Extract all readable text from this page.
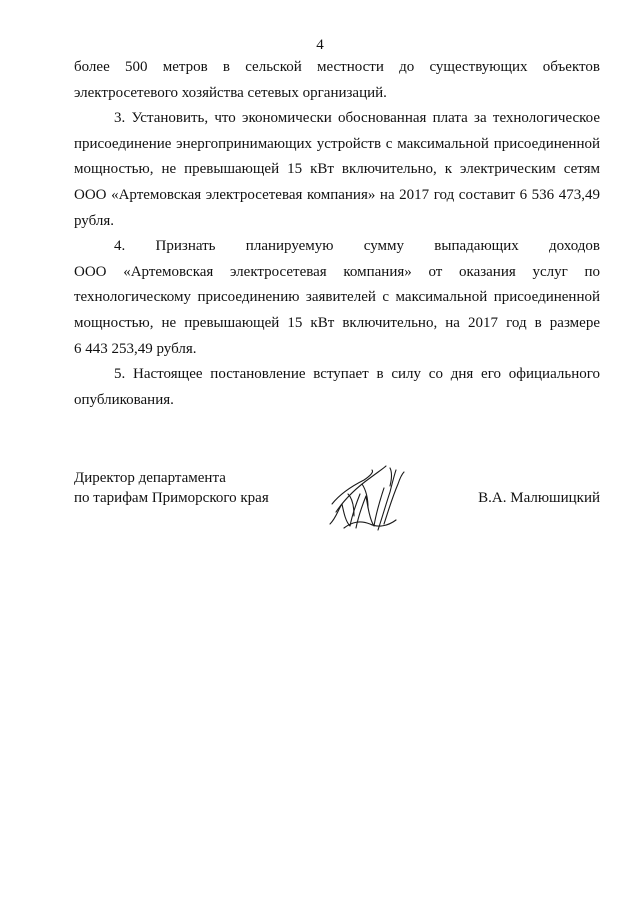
4
более 500 метров в сельской местности до существующих объектов
электросетевого хозяйства сетевых организаций.
3. Установить, что экономически обоснованная плата за технологическое
присоединение энергопринимающих устройств с максимальной присоединенной
мощностью, не превышающей 15 кВт включительно, к электрическим сетям
ООО «Артемовская электросетевая компания» на 2017 год составит 6 536 473,49
рубля.
4. Признать планируемую сумму выпадающих доходов
ООО «Артемовская электросетевая компания» от оказания услуг по
технологическому присоединению заявителей с максимальной присоединенной
мощностью, не превышающей 15 кВт включительно, на 2017 год в размере
6 443 253,49 рубля.
5. Настоящее постановление вступает в силу со дня его официального
опубликования.
Директор департамента
по тарифам Приморского края	В.А. Малюшицкий
